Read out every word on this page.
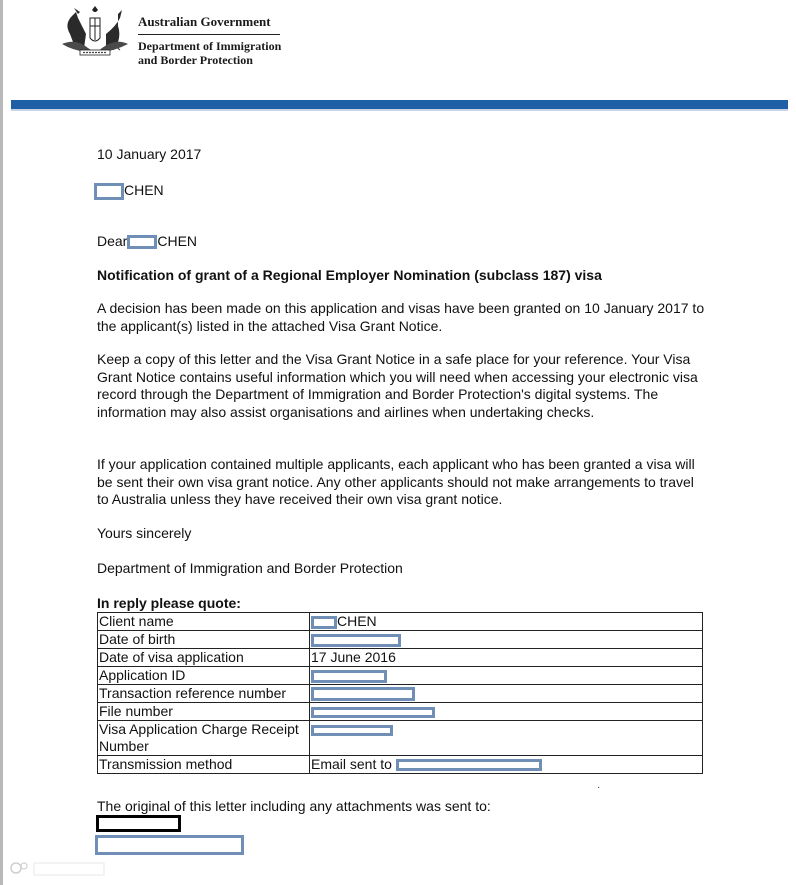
Australian Government
Department of Immigration
and Border Protection
10 January 2017
CHEN
Dear CHEN
Notification of grant of a Regional Employer Nomination (subclass 187) visa
A decision has been made on this application and visas have been granted on 10 January 2017 to the applicant(s) listed in the attached Visa Grant Notice.
Keep a copy of this letter and the Visa Grant Notice in a safe place for your reference. Your Visa Grant Notice contains useful information which you will need when accessing your electronic visa record through the Department of Immigration and Border Protection's digital systems. The information may also assist organisations and airlines when undertaking checks.
If your application contained multiple applicants, each applicant who has been granted a visa will be sent their own visa grant notice. Any other applicants should not make arrangements to travel to Australia unless they have received their own visa grant notice.
Yours sincerely
Department of Immigration and Border Protection
In reply please quote:
Client name	CHEN
Date of birth	
Date of visa application	17 June 2016
Application ID	
Transaction reference number	
File number	
Visa Application Charge Receipt Number	
Transmission method	Email sent to
·
The original of this letter including any attachments was sent to:
